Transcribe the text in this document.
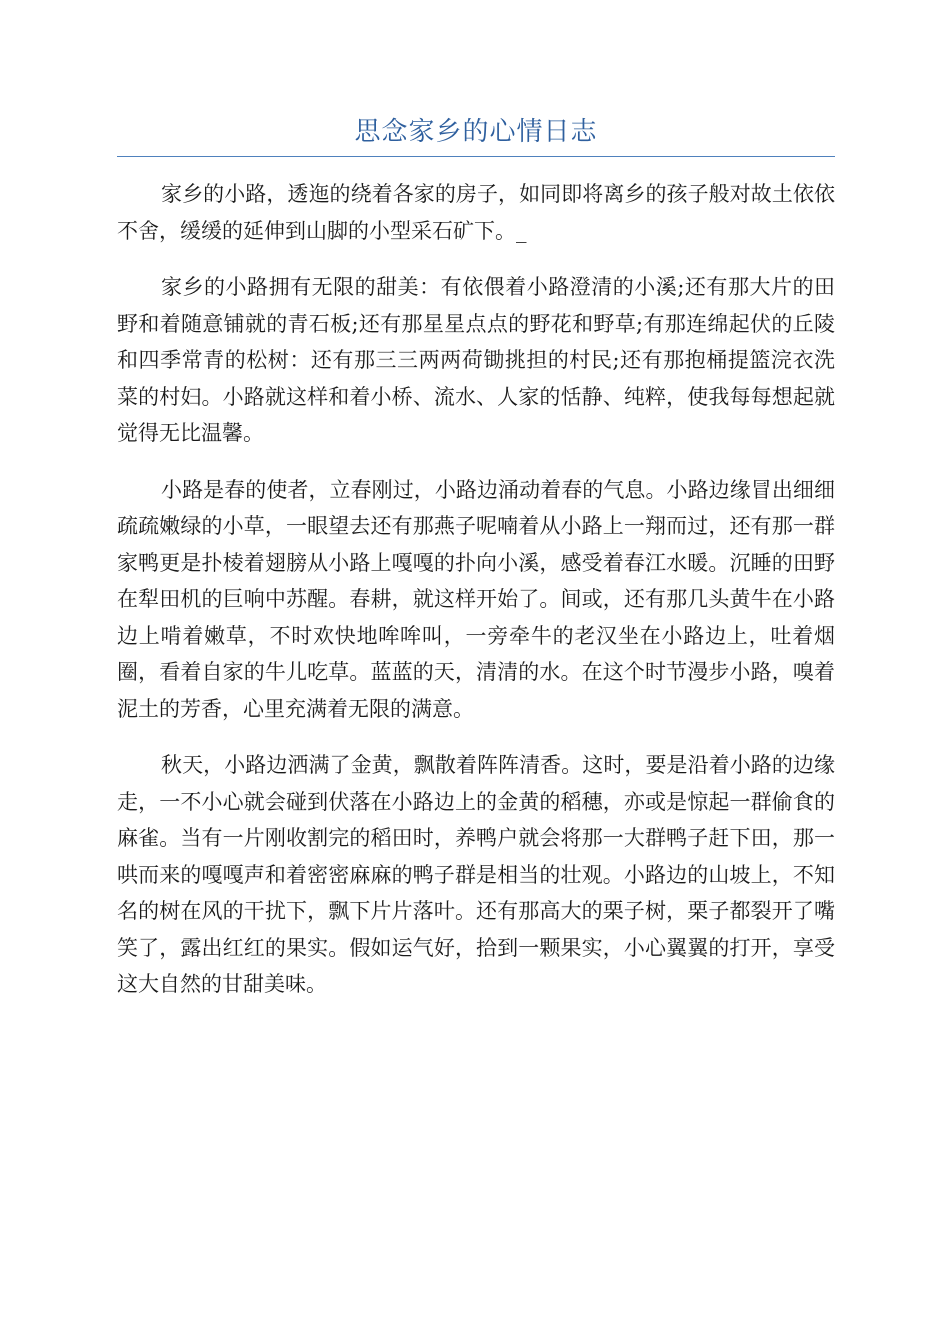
思念家乡的心情日志

家乡的小路，透迤的绕着各家的房子，如同即将离乡的孩子般对故土依依不舍，缓缓的延伸到山脚的小型采石矿下。_

家乡的小路拥有无限的甜美：有依偎着小路澄清的小溪;还有那大片的田野和着随意铺就的青石板;还有那星星点点的野花和野草;有那连绵起伏的丘陵和四季常青的松树：还有那三三两两荷锄挑担的村民;还有那抱桶提篮浣衣洗菜的村妇。小路就这样和着小桥、流水、人家的恬静、纯粹，使我每每想起就觉得无比温馨。

小路是春的使者，立春刚过，小路边涌动着春的气息。小路边缘冒出细细疏疏嫩绿的小草，一眼望去还有那燕子呢喃着从小路上一翔而过，还有那一群家鸭更是扑棱着翅膀从小路上嘎嘎的扑向小溪，感受着春江水暖。沉睡的田野在犁田机的巨响中苏醒。春耕，就这样开始了。间或，还有那几头黄牛在小路边上啃着嫩草，不时欢快地哞哞叫，一旁牵牛的老汉坐在小路边上，吐着烟圈，看着自家的牛儿吃草。蓝蓝的天，清清的水。在这个时节漫步小路，嗅着泥土的芳香，心里充满着无限的满意。

秋天，小路边洒满了金黄，飘散着阵阵清香。这时，要是沿着小路的边缘走，一不小心就会碰到伏落在小路边上的金黄的稻穗，亦或是惊起一群偷食的麻雀。当有一片刚收割完的稻田时，养鸭户就会将那一大群鸭子赶下田，那一哄而来的嘎嘎声和着密密麻麻的鸭子群是相当的壮观。小路边的山坡上，不知名的树在风的干扰下，飘下片片落叶。还有那高大的栗子树，栗子都裂开了嘴笑了，露出红红的果实。假如运气好，拾到一颗果实，小心翼翼的打开，享受这大自然的甘甜美味。
